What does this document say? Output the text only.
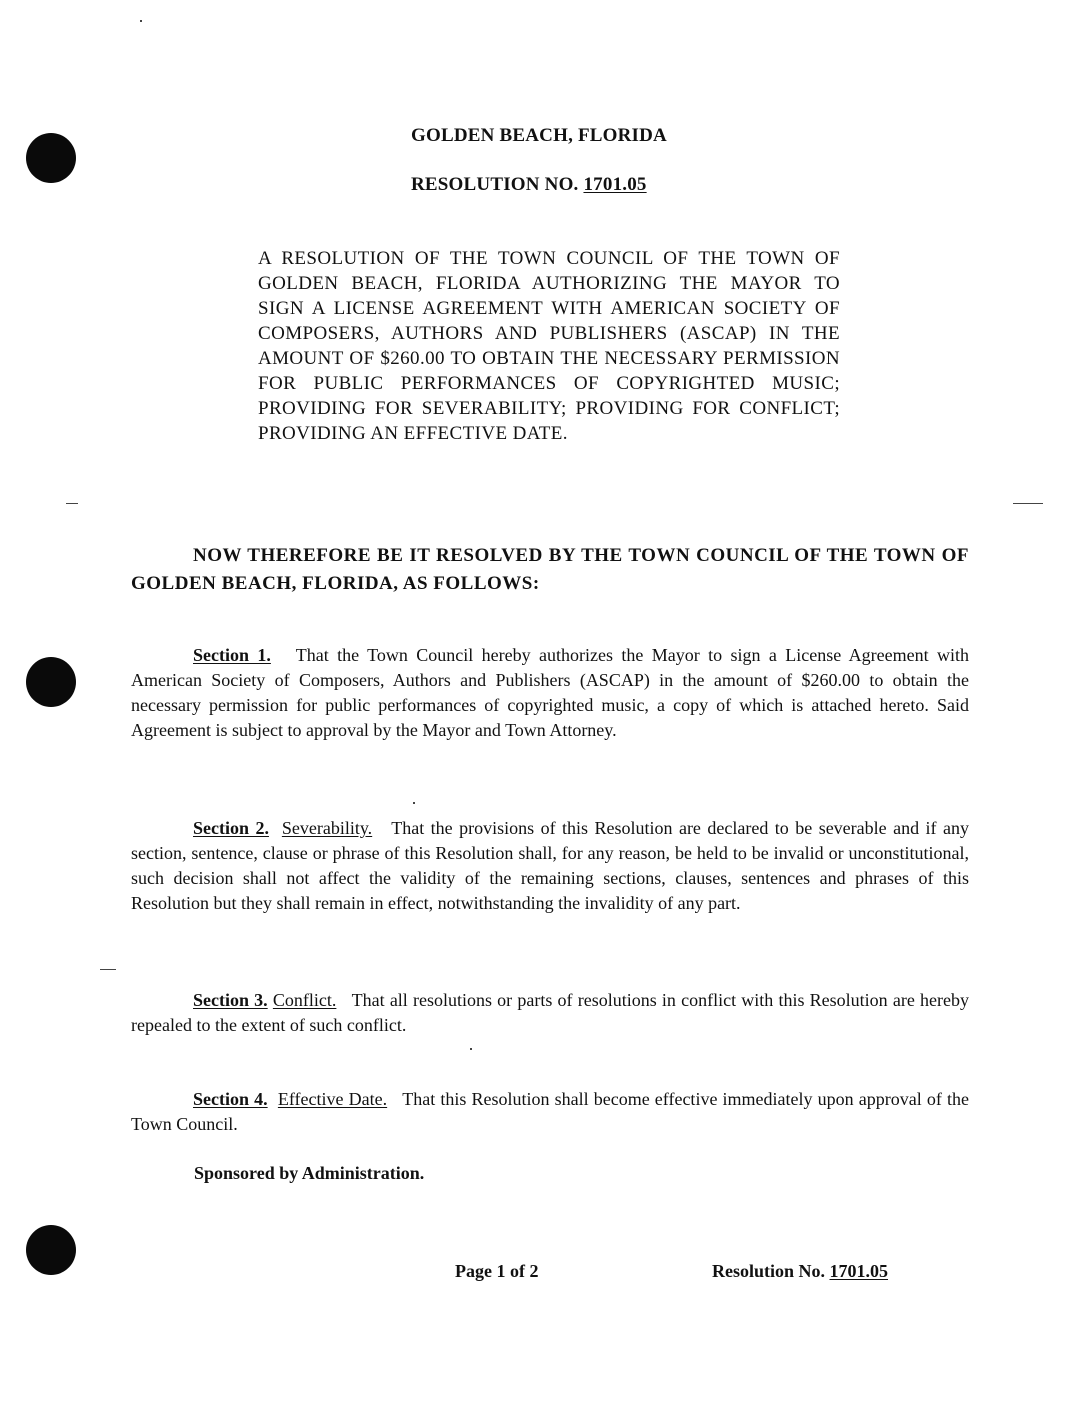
GOLDEN BEACH, FLORIDA
RESOLUTION NO. 1701.05
A RESOLUTION OF THE TOWN COUNCIL OF THE TOWN OF GOLDEN BEACH, FLORIDA AUTHORIZING THE MAYOR TO SIGN A LICENSE AGREEMENT WITH AMERICAN SOCIETY OF COMPOSERS, AUTHORS AND PUBLISHERS (ASCAP) IN THE AMOUNT OF $260.00 TO OBTAIN THE NECESSARY PERMISSION FOR PUBLIC PERFORMANCES OF COPYRIGHTED MUSIC; PROVIDING FOR SEVERABILITY; PROVIDING FOR CONFLICT; PROVIDING AN EFFECTIVE DATE.
NOW THEREFORE BE IT RESOLVED BY THE TOWN COUNCIL OF THE TOWN OF GOLDEN BEACH, FLORIDA, AS FOLLOWS:
Section 1. That the Town Council hereby authorizes the Mayor to sign a License Agreement with American Society of Composers, Authors and Publishers (ASCAP) in the amount of $260.00 to obtain the necessary permission for public performances of copyrighted music, a copy of which is attached hereto. Said Agreement is subject to approval by the Mayor and Town Attorney.
Section 2. Severability. That the provisions of this Resolution are declared to be severable and if any section, sentence, clause or phrase of this Resolution shall, for any reason, be held to be invalid or unconstitutional, such decision shall not affect the validity of the remaining sections, clauses, sentences and phrases of this Resolution but they shall remain in effect, notwithstanding the invalidity of any part.
Section 3. Conflict. That all resolutions or parts of resolutions in conflict with this Resolution are hereby repealed to the extent of such conflict.
Section 4. Effective Date. That this Resolution shall become effective immediately upon approval of the Town Council.
Sponsored by Administration.
Page 1 of 2	Resolution No. 1701.05
